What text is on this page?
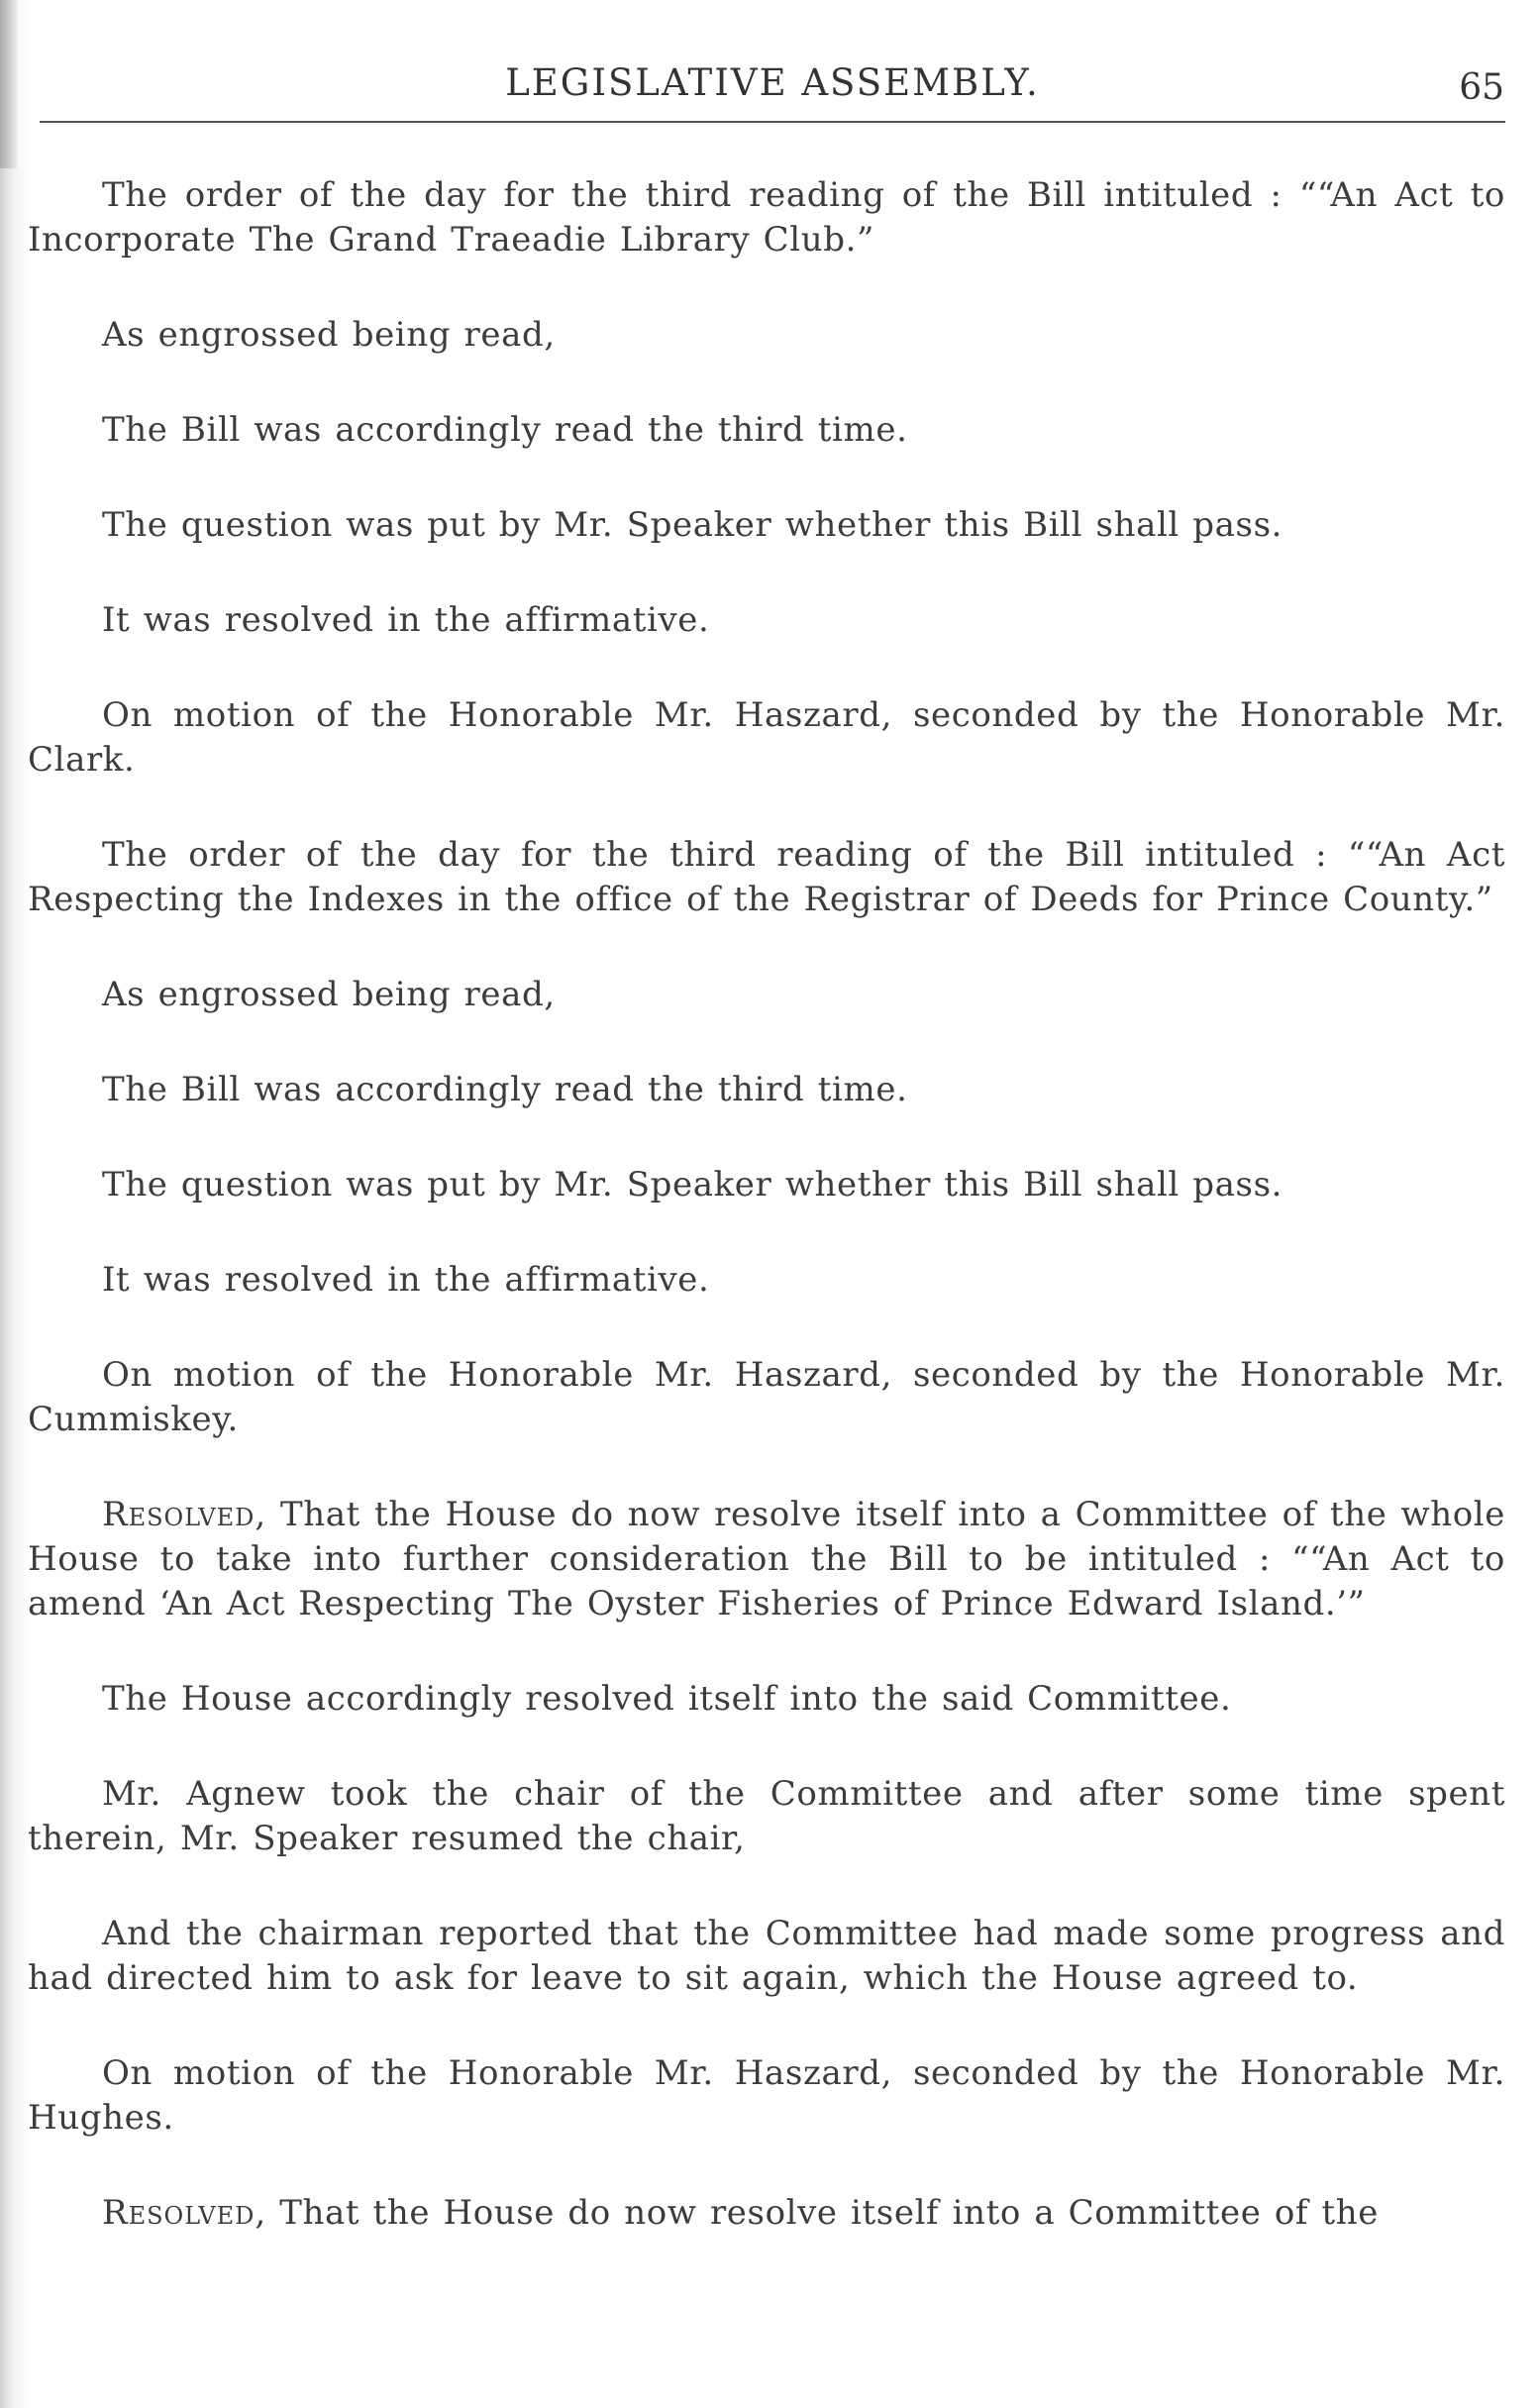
LEGISLATIVE ASSEMBLY.	65

The order of the day for the third reading of the Bill intituled : ““An Act to Incorporate The Grand Traeadie Library Club.”

As engrossed being read,

The Bill was accordingly read the third time.

The question was put by Mr. Speaker whether this Bill shall pass.

It was resolved in the affirmative.

On motion of the Honorable Mr. Haszard, seconded by the Honorable Mr. Clark.

The order of the day for the third reading of the Bill intituled : ““An Act Respecting the Indexes in the office of the Registrar of Deeds for Prince County.”

As engrossed being read,

The Bill was accordingly read the third time.

The question was put by Mr. Speaker whether this Bill shall pass.

It was resolved in the affirmative.

On motion of the Honorable Mr. Haszard, seconded by the Honorable Mr. Cummiskey.

Resolved, That the House do now resolve itself into a Committee of the whole House to take into further consideration the Bill to be intituled : ““An Act to amend ‘An Act Respecting The Oyster Fisheries of Prince Edward Island.’”

The House accordingly resolved itself into the said Committee.

Mr. Agnew took the chair of the Committee and after some time spent therein, Mr. Speaker resumed the chair,

And the chairman reported that the Committee had made some progress and had directed him to ask for leave to sit again, which the House agreed to.

On motion of the Honorable Mr. Haszard, seconded by the Honorable Mr. Hughes.

Resolved, That the House do now resolve itself into a Committee of the
